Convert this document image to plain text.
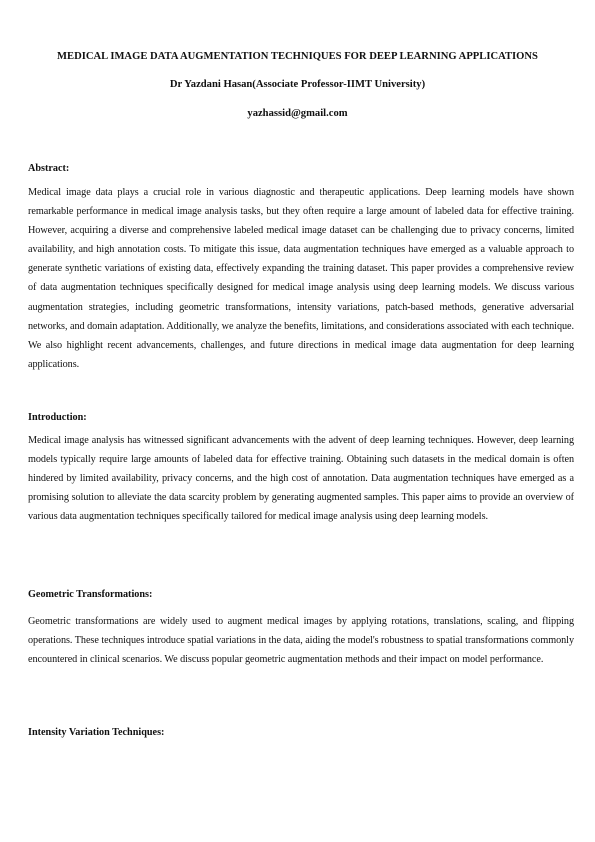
MEDICAL IMAGE DATA AUGMENTATION TECHNIQUES FOR DEEP LEARNING APPLICATIONS

Dr Yazdani Hasan(Associate Professor-IIMT University)

yazhassid@gmail.com

Abstract:

Medical image data plays a crucial role in various diagnostic and therapeutic applications. Deep learning models have shown remarkable performance in medical image analysis tasks, but they often require a large amount of labeled data for effective training. However, acquiring a diverse and comprehensive labeled medical image dataset can be challenging due to privacy concerns, limited availability, and high annotation costs. To mitigate this issue, data augmentation techniques have emerged as a valuable approach to generate synthetic variations of existing data, effectively expanding the training dataset. This paper provides a comprehensive review of data augmentation techniques specifically designed for medical image analysis using deep learning models. We discuss various augmentation strategies, including geometric transformations, intensity variations, patch-based methods, generative adversarial networks, and domain adaptation. Additionally, we analyze the benefits, limitations, and considerations associated with each technique. We also highlight recent advancements, challenges, and future directions in medical image data augmentation for deep learning applications.

Introduction:

Medical image analysis has witnessed significant advancements with the advent of deep learning techniques. However, deep learning models typically require large amounts of labeled data for effective training. Obtaining such datasets in the medical domain is often hindered by limited availability, privacy concerns, and the high cost of annotation. Data augmentation techniques have emerged as a promising solution to alleviate the data scarcity problem by generating augmented samples. This paper aims to provide an overview of various data augmentation techniques specifically tailored for medical image analysis using deep learning models.

Geometric Transformations:

Geometric transformations are widely used to augment medical images by applying rotations, translations, scaling, and flipping operations. These techniques introduce spatial variations in the data, aiding the model's robustness to spatial transformations commonly encountered in clinical scenarios. We discuss popular geometric augmentation methods and their impact on model performance.

Intensity Variation Techniques:
